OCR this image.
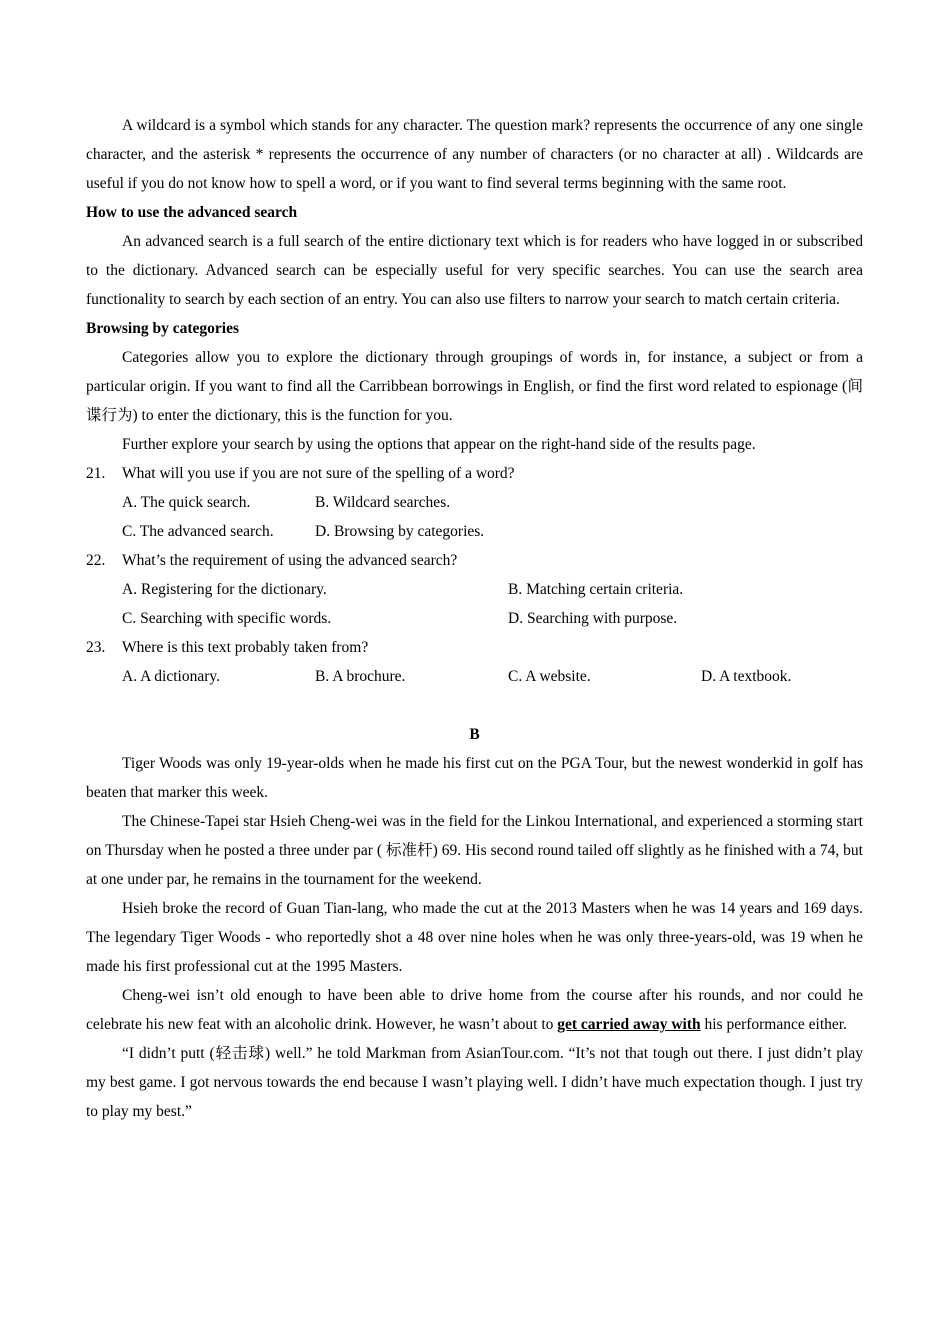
A wildcard is a symbol which stands for any character. The question mark? represents the occurrence of any one single character, and the asterisk * represents the occurrence of any number of characters (or no character at all) . Wildcards are useful if you do not know how to spell a word, or if you want to find several terms beginning with the same root.

How to use the advanced search

An advanced search is a full search of the entire dictionary text which is for readers who have logged in or subscribed to the dictionary. Advanced search can be especially useful for very specific searches. You can use the search area functionality to search by each section of an entry. You can also use filters to narrow your search to match certain criteria.

Browsing by categories

Categories allow you to explore the dictionary through groupings of words in, for instance, a subject or from a particular origin. If you want to find all the Carribbean borrowings in English, or find the first word related to espionage (间谍行为) to enter the dictionary, this is the function for you.

Further explore your search by using the options that appear on the right-hand side of the results page.

21.	What will you use if you are not sure of the spelling of a word?
A. The quick search.	B. Wildcard searches.
C. The advanced search.	D. Browsing by categories.
22.	What’s the requirement of using the advanced search?
A. Registering for the dictionary.	B. Matching certain criteria.
C. Searching with specific words.	D. Searching with purpose.
23.	Where is this text probably taken from?
A. A dictionary.	B. A brochure.	C. A website.	D. A textbook.

B

Tiger Woods was only 19-year-olds when he made his first cut on the PGA Tour, but the newest wonderkid in golf has beaten that marker this week.

The Chinese-Tapei star Hsieh Cheng-wei was in the field for the Linkou International, and experienced a storming start on Thursday when he posted a three under par ( 标准杆) 69. His second round tailed off slightly as he finished with a 74, but at one under par, he remains in the tournament for the weekend.

Hsieh broke the record of Guan Tian-lang, who made the cut at the 2013 Masters when he was 14 years and 169 days. The legendary Tiger Woods - who reportedly shot a 48 over nine holes when he was only three-years-old, was 19 when he made his first professional cut at the 1995 Masters.

Cheng-wei isn’t old enough to have been able to drive home from the course after his rounds, and nor could he celebrate his new feat with an alcoholic drink. However, he wasn’t about to get carried away with his performance either.

“I didn’t putt (轻击球) well.” he told Markman from AsianTour.com. “It’s not that tough out there. I just didn’t play my best game. I got nervous towards the end because I wasn’t playing well. I didn’t have much expectation though. I just try to play my best.”
